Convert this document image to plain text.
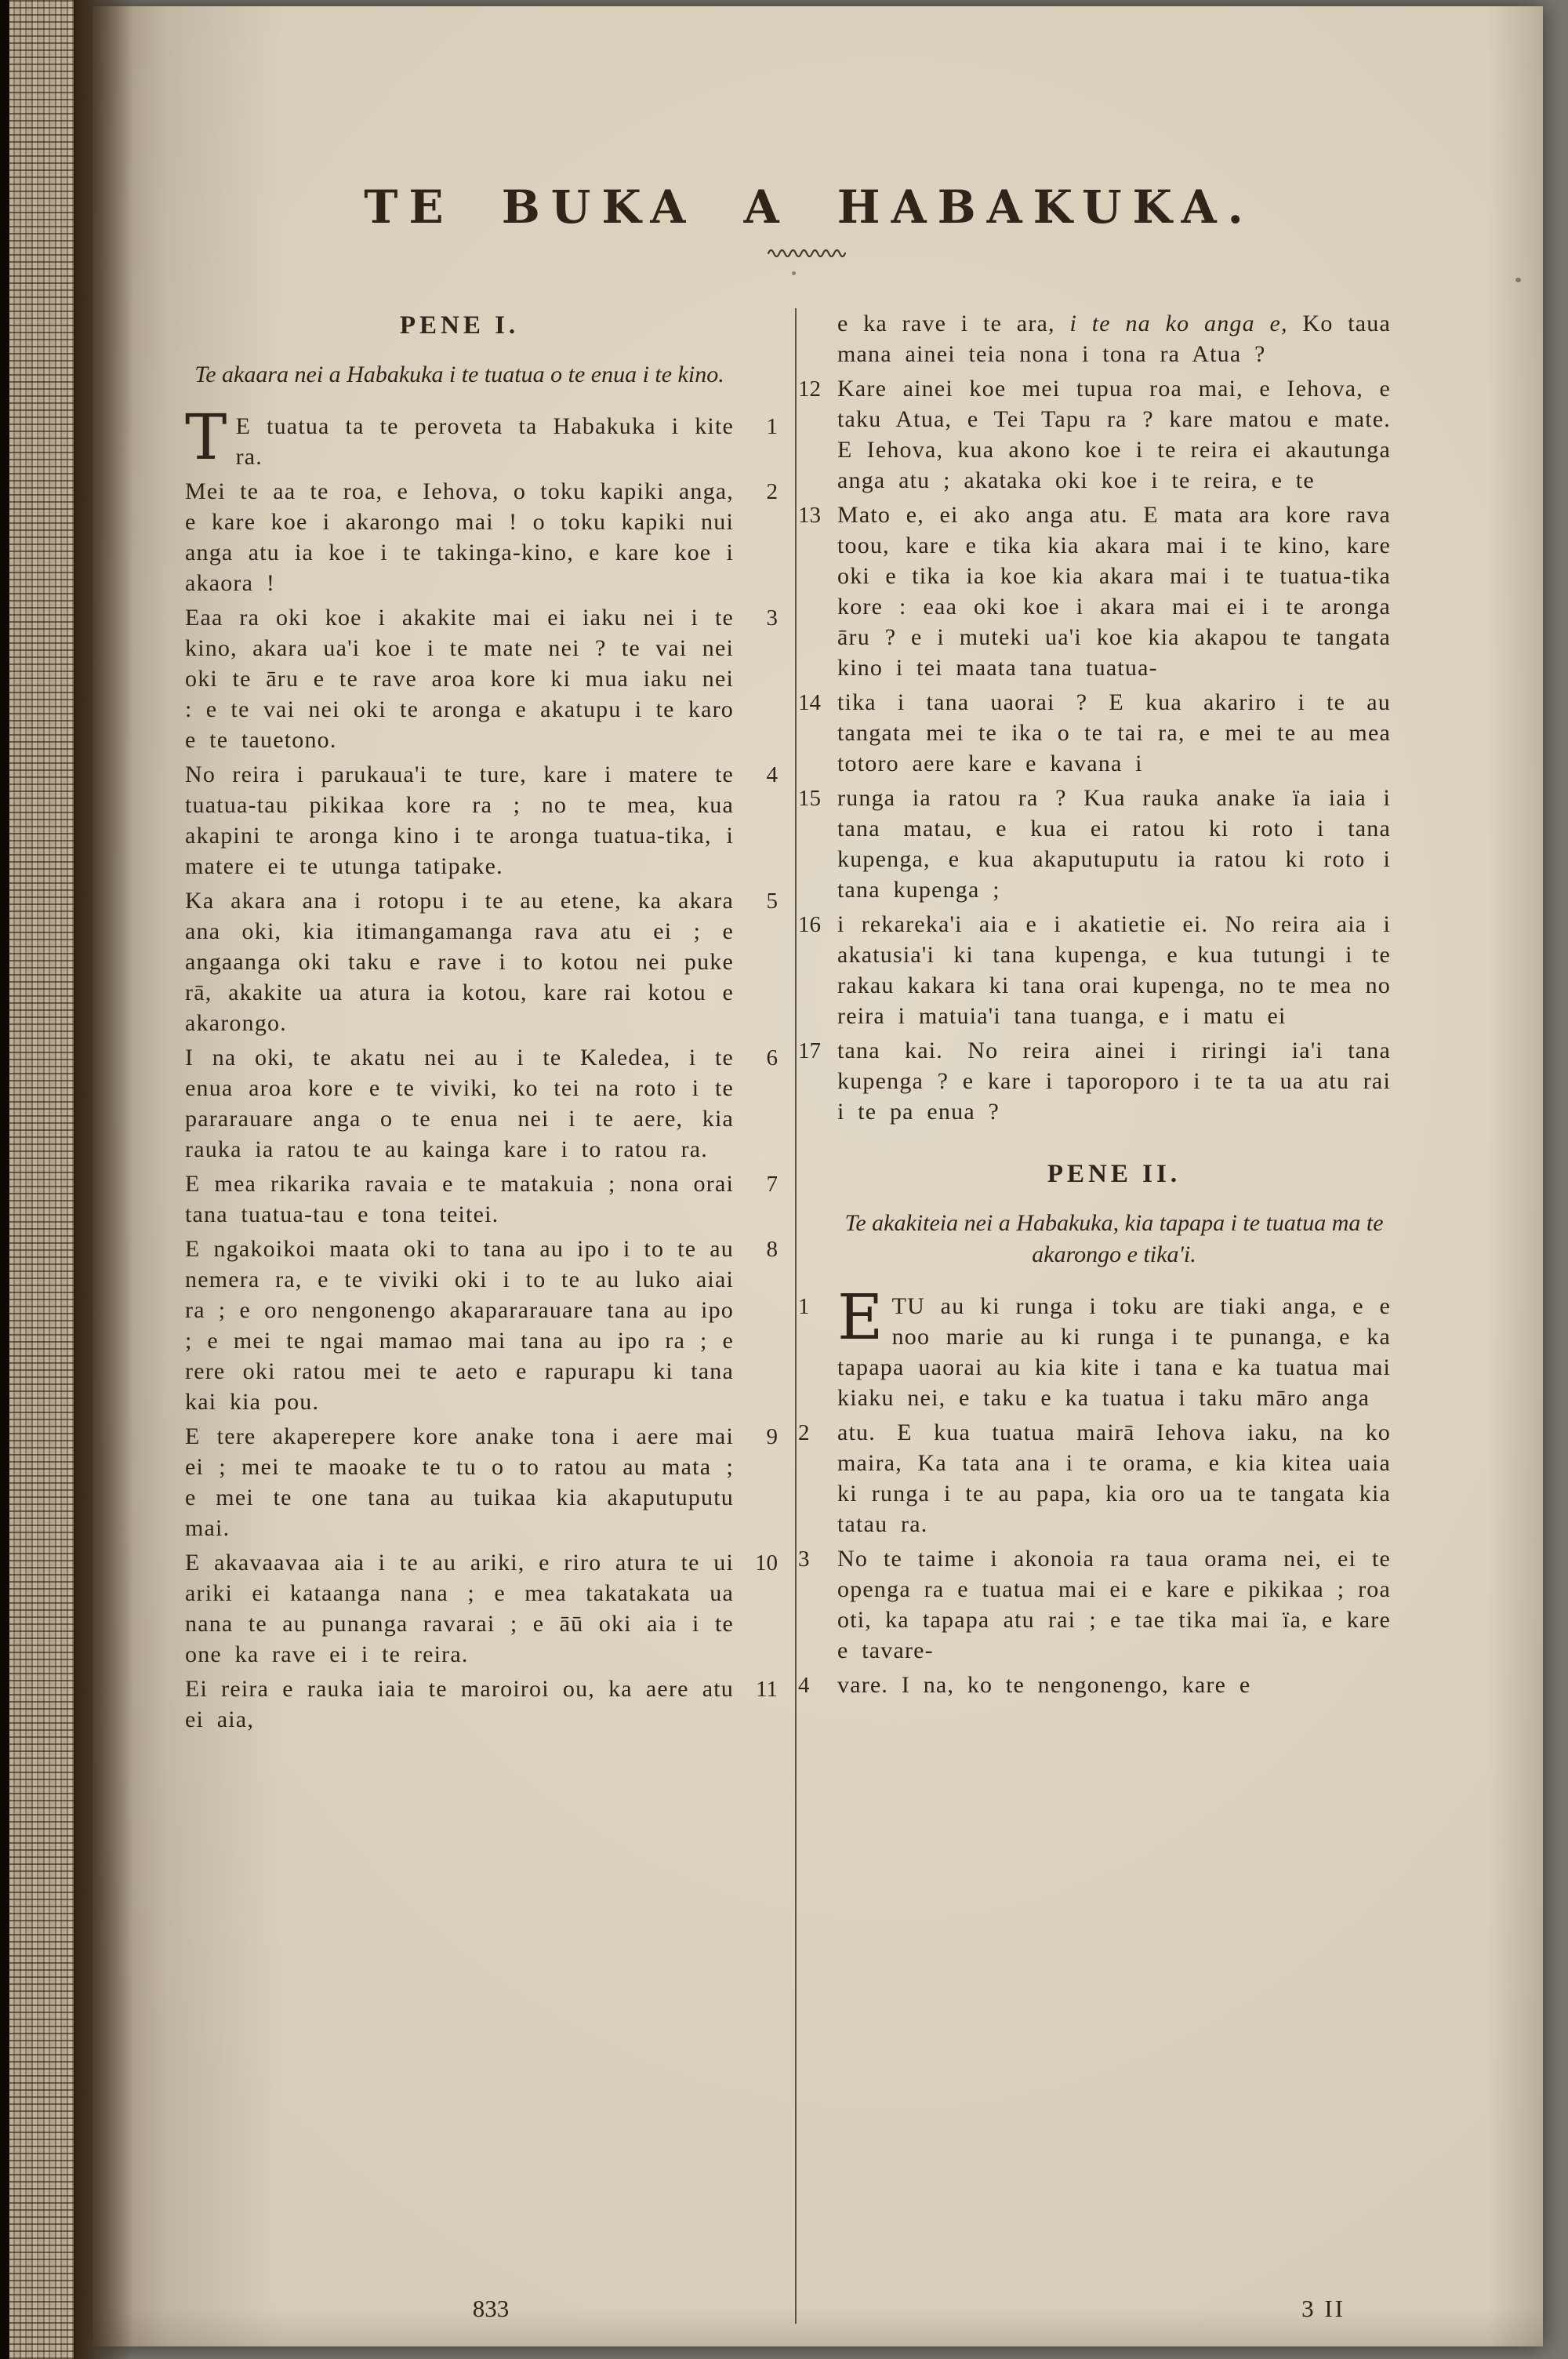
TE BUKA A HABAKUKA.
PENE I.
Te akaara nei a Habakuka i te tuatua o te enua i te kino.

1
T E tuatua ta te peroveta ta Habakuka i kite ra.

2
Mei te aa te roa, e Iehova, o toku kapiki anga, e kare koe i akarongo mai ! o toku kapiki nui anga atu ia koe i te takinga-kino, e kare koe i akaora !

3
Eaa ra oki koe i akakite mai ei iaku nei i te kino, akara ua'i koe i te mate nei ? te vai nei oki te āru e te rave aroa kore ki mua iaku nei : e te vai nei oki te aronga e akatupu i te karo e te tauetono.

4
No reira i parukaua'i te ture, kare i matere te tuatua-tau pikikaa kore ra ; no te mea, kua akapini te aronga kino i te aronga tuatua-tika, i matere ei te utunga tatipake.

5
Ka akara ana i rotopu i te au etene, ka akara ana oki, kia itimangamanga rava atu ei ; e angaanga oki taku e rave i to kotou nei puke rā, akakite ua atura ia kotou, kare rai kotou e akarongo.

6
I na oki, te akatu nei au i te Kaledea, i te enua aroa kore e te viviki, ko tei na roto i te pararauare anga o te enua nei i te aere, kia rauka ia ratou te au kainga kare i to ratou ra.

7
E mea rikarika ravaia e te matakuia ; nona orai tana tuatua-tau e tona teitei.

8
E ngakoikoi maata oki to tana au ipo i to te au nemera ra, e te viviki oki i to te au luko aiai ra ; e oro nengonengo akapararauare tana au ipo ; e mei te ngai mamao mai tana au ipo ra ; e rere oki ratou mei te aeto e rapurapu ki tana kai kia pou.

9
E tere akaperepere kore anake tona i aere mai ei ; mei te maoake te tu o to ratou au mata ; e mei te one tana au tuikaa kia akaputuputu mai.

10
E akavaavaa aia i te au ariki, e riro atura te ui ariki ei kataanga nana ; e mea takatakata ua nana te au punanga ravarai ; e āū oki aia i te one ka rave ei i te reira.

11
Ei reira e rauka iaia te maroiroi ou, ka aere atu ei aia,

e ka rave i te ara, i te na ko anga e, Ko taua mana ainei teia nona i tona ra Atua ?

12 Kare ainei koe mei tupua roa mai, e Iehova, e taku Atua, e Tei Tapu ra ? kare matou e mate. E Iehova, kua akono koe i te reira ei akautunga anga atu ; akataka oki koe i te reira, e te

13 Mato e, ei ako anga atu. E mata ara kore rava toou, kare e tika kia akara mai i te kino, kare oki e tika ia koe kia akara mai i te tuatua-tika kore : eaa oki koe i akara mai ei i te aronga āru ? e i muteki ua'i koe kia akapou te tangata kino i tei maata tana tuatua-

14 tika i tana uaorai ? E kua akariro i te au tangata mei te ika o te tai ra, e mei te au mea totoro aere kare e kavana i

15 runga ia ratou ra ? Kua rauka anake ïa iaia i tana matau, e kua ei ratou ki roto i tana kupenga, e kua akaputuputu ia ratou ki roto i tana kupenga ;

16 i rekareka'i aia e i akatietie ei. No reira aia i akatusia'i ki tana kupenga, e kua tutungi i te rakau kakara ki tana orai kupenga, no te mea no reira i matuia'i tana tuanga, e i matu ei

17 tana kai. No reira ainei i riringi ia'i tana kupenga ? e kare i taporoporo i te ta ua atu rai i te pa enua ?

PENE II.
Te akakiteia nei a Habakuka, kia tapapa i te tuatua ma te akarongo e tika'i.

1 E TU au ki runga i toku are tiaki anga, e e noo marie au ki runga i te punanga, e ka tapapa uaorai au kia kite i tana e ka tuatua mai kiaku nei, e taku e ka tuatua i taku māro anga

2 atu. E kua tuatua mairā Iehova iaku, na ko maira, Ka tata ana i te orama, e kia kitea uaia ki runga i te au papa, kia oro ua te tangata kia tatau ra.

3 No te taime i akonoia ra taua orama nei, ei te openga ra e tuatua mai ei e kare e pikikaa ; roa oti, ka tapapa atu rai ; e tae tika mai ïa, e kare e tavare-

4 vare. I na, ko te nengonengo, kare e

833	3 II
